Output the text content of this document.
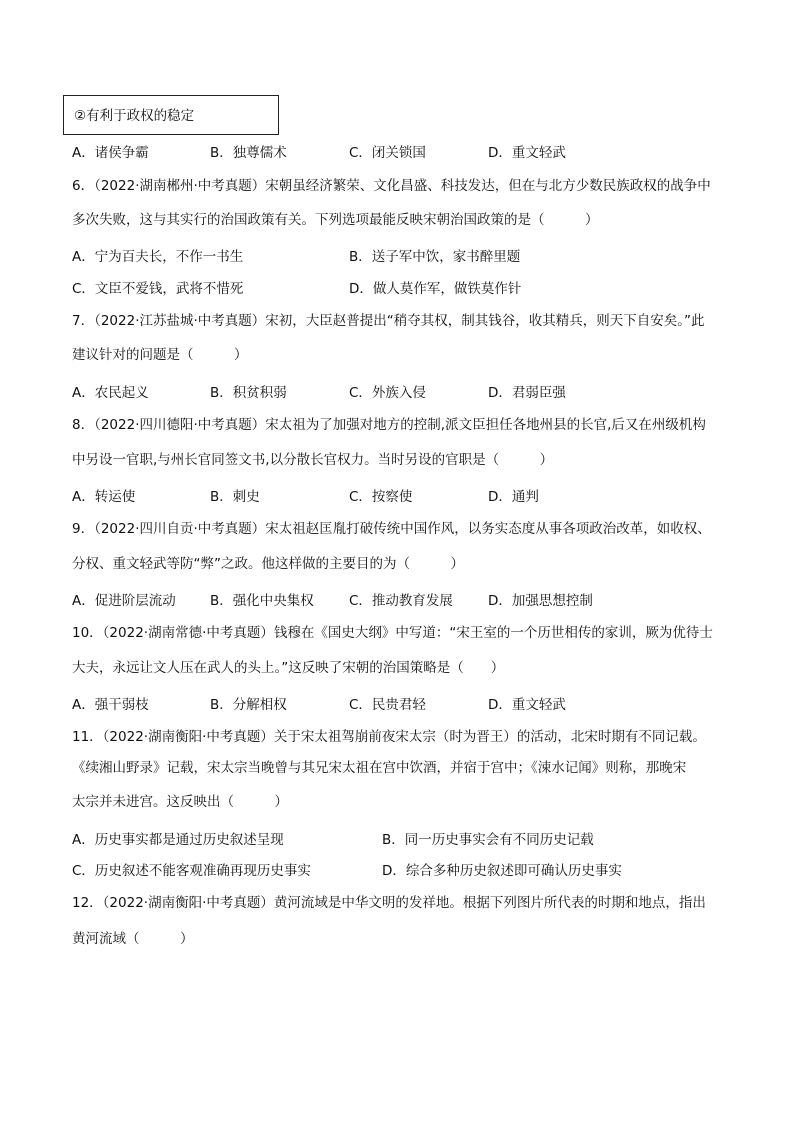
②有利于政权的稳定
A．诸侯争霸	B．独尊儒术	C．闭关锁国	D．重文轻武
6．（2022·湖南郴州·中考真题）宋朝虽经济繁荣、文化昌盛、科技发达，但在与北方少数民族政权的战争中
多次失败，这与其实行的治国政策有关。下列选项最能反映宋朝治国政策的是（　　　）
A．宁为百夫长，不作一书生	B．送子军中饮，家书醉里题
C．文臣不爱钱，武将不惜死	D．做人莫作军，做铁莫作针
7．（2022·江苏盐城·中考真题）宋初，大臣赵普提出“稍夺其权，制其钱谷，收其精兵，则天下自安矣。”此
建议针对的问题是（　　　）
A．农民起义	B．积贫积弱	C．外族入侵	D．君弱臣强
8．（2022·四川德阳·中考真题）宋太祖为了加强对地方的控制,派文臣担任各地州县的长官,后又在州级机构
中另设一官职,与州长官同签文书,以分散长官权力。当时另设的官职是（　　　）
A．转运使	B．刺史	C．按察使	D．通判
9．（2022·四川自贡·中考真题）宋太祖赵匡胤打破传统中国作风，以务实态度从事各项政治改革，如收权、
分权、重文轻武等防“弊”之政。他这样做的主要目的为（　　　）
A．促进阶层流动	B．强化中央集权	C．推动教育发展	D．加强思想控制
10．（2022·湖南常德·中考真题）钱穆在《国史大纲》中写道：“宋王室的一个历世相传的家训，厥为优待士
大夫，永远让文人压在武人的头上。”这反映了宋朝的治国策略是（　　）
A．强干弱枝	B．分解相权	C．民贵君轻	D．重文轻武
11．（2022·湖南衡阳·中考真题）关于宋太祖驾崩前夜宋太宗（时为晋王）的活动，北宋时期有不同记载。
《续湘山野录》记载，宋太宗当晚曾与其兄宋太祖在宫中饮酒，并宿于宫中；《涑水记闻》则称，那晚宋
太宗并未进宫。这反映出（　　　）
A．历史事实都是通过历史叙述呈现	B．同一历史事实会有不同历史记载
C．历史叙述不能客观准确再现历史事实	D．综合多种历史叙述即可确认历史事实
12．（2022·湖南衡阳·中考真题）黄河流域是中华文明的发祥地。根据下列图片所代表的时期和地点，指出
黄河流域（　　　）
